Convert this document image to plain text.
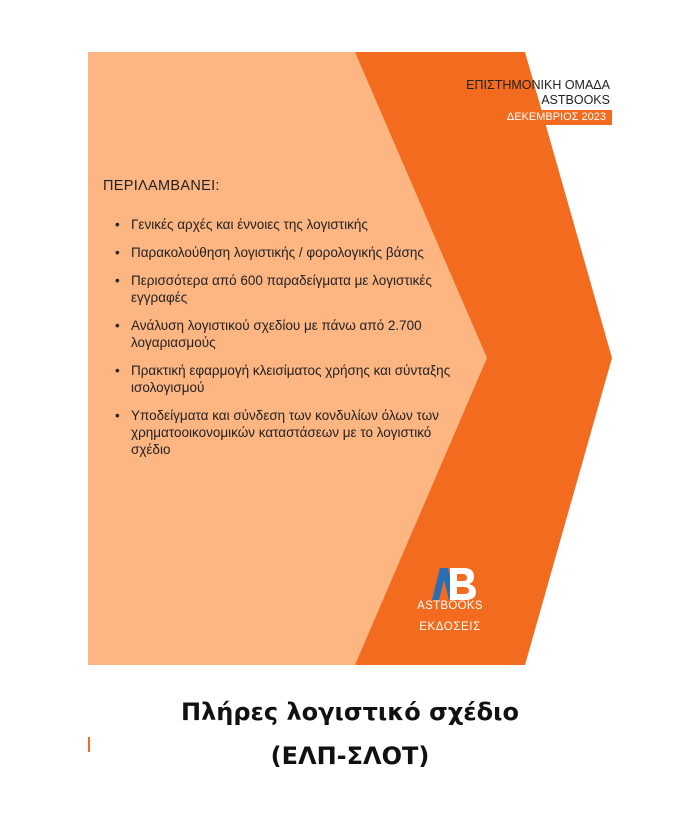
ΕΠΙΣΤΗΜΟΝΙΚΗ ΟΜΑΔΑ
ASTBOOKS
ΔΕΚΕΜΒΡΙΟΣ 2023
ΠΕΡΙΛΑΜΒΑΝΕΙ:
• Γενικές αρχές και έννοιες της λογιστικής
• Παρακολούθηση λογιστικής / φορολογικής βάσης
• Περισσότερα από 600 παραδείγματα με λογιστικές εγγραφές
• Ανάλυση λογιστικού σχεδίου με πάνω από 2.700 λογαριασμούς
• Πρακτική εφαρμογή κλεισίματος χρήσης και σύνταξης ισολογισμού
• Υποδείγματα και σύνδεση των κονδυλίων όλων των χρηματοοικονομικών καταστάσεων με το λογιστικό σχέδιο
ASTBOOKS
ΕΚΔΟΣΕΙΣ
Πλήρες λογιστικό σχέδιο
(ΕΛΠ-ΣΛΟΤ)
